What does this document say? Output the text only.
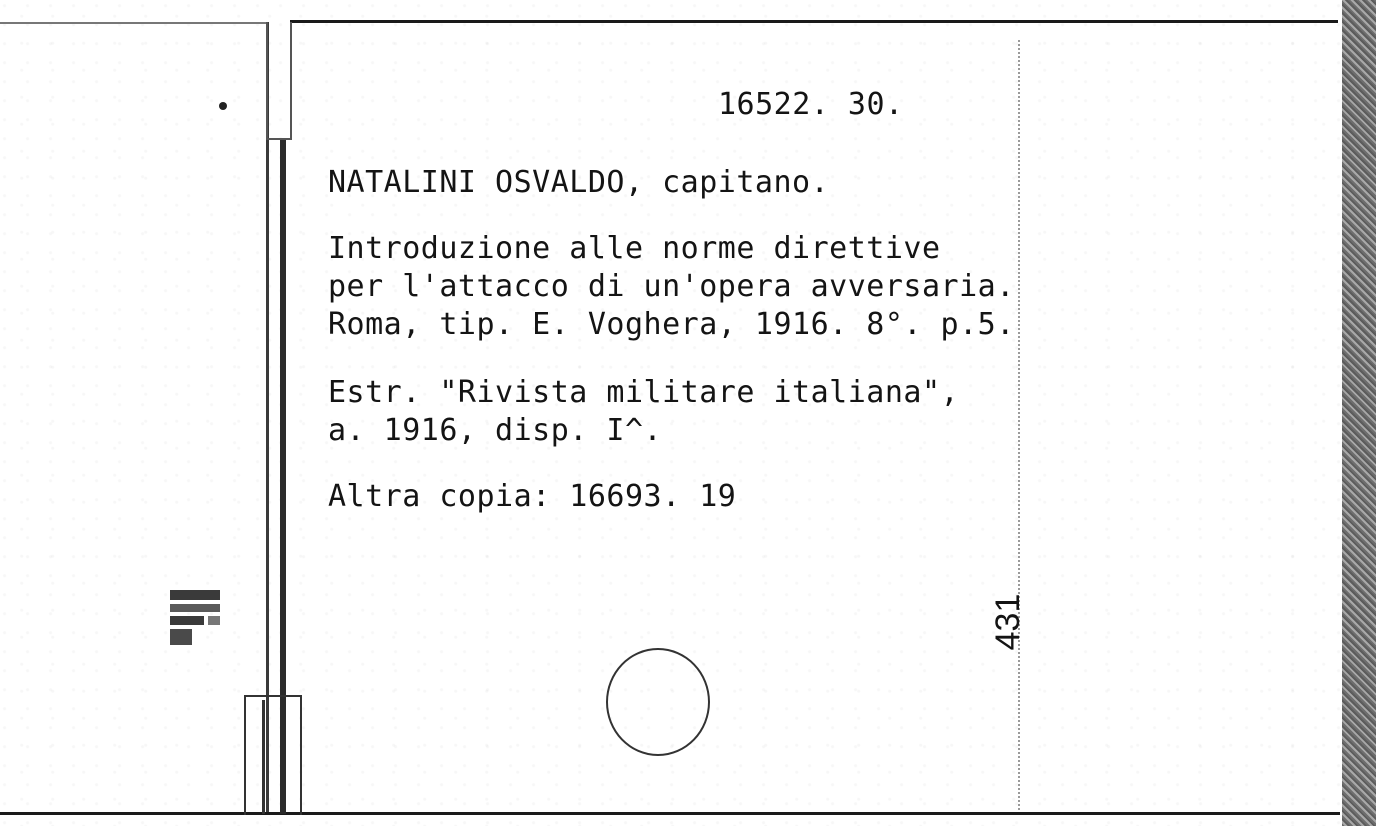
16522. 30.
NATALINI OSVALDO, capitano.
Introduzione alle norme direttive
per l'attacco di un'opera avversaria.
Roma, tip. E. Voghera, 1916. 8°. p.5.
Estr. "Rivista militare italiana",
a. 1916, disp. I^.
Altra copia: 16693. 19
431
